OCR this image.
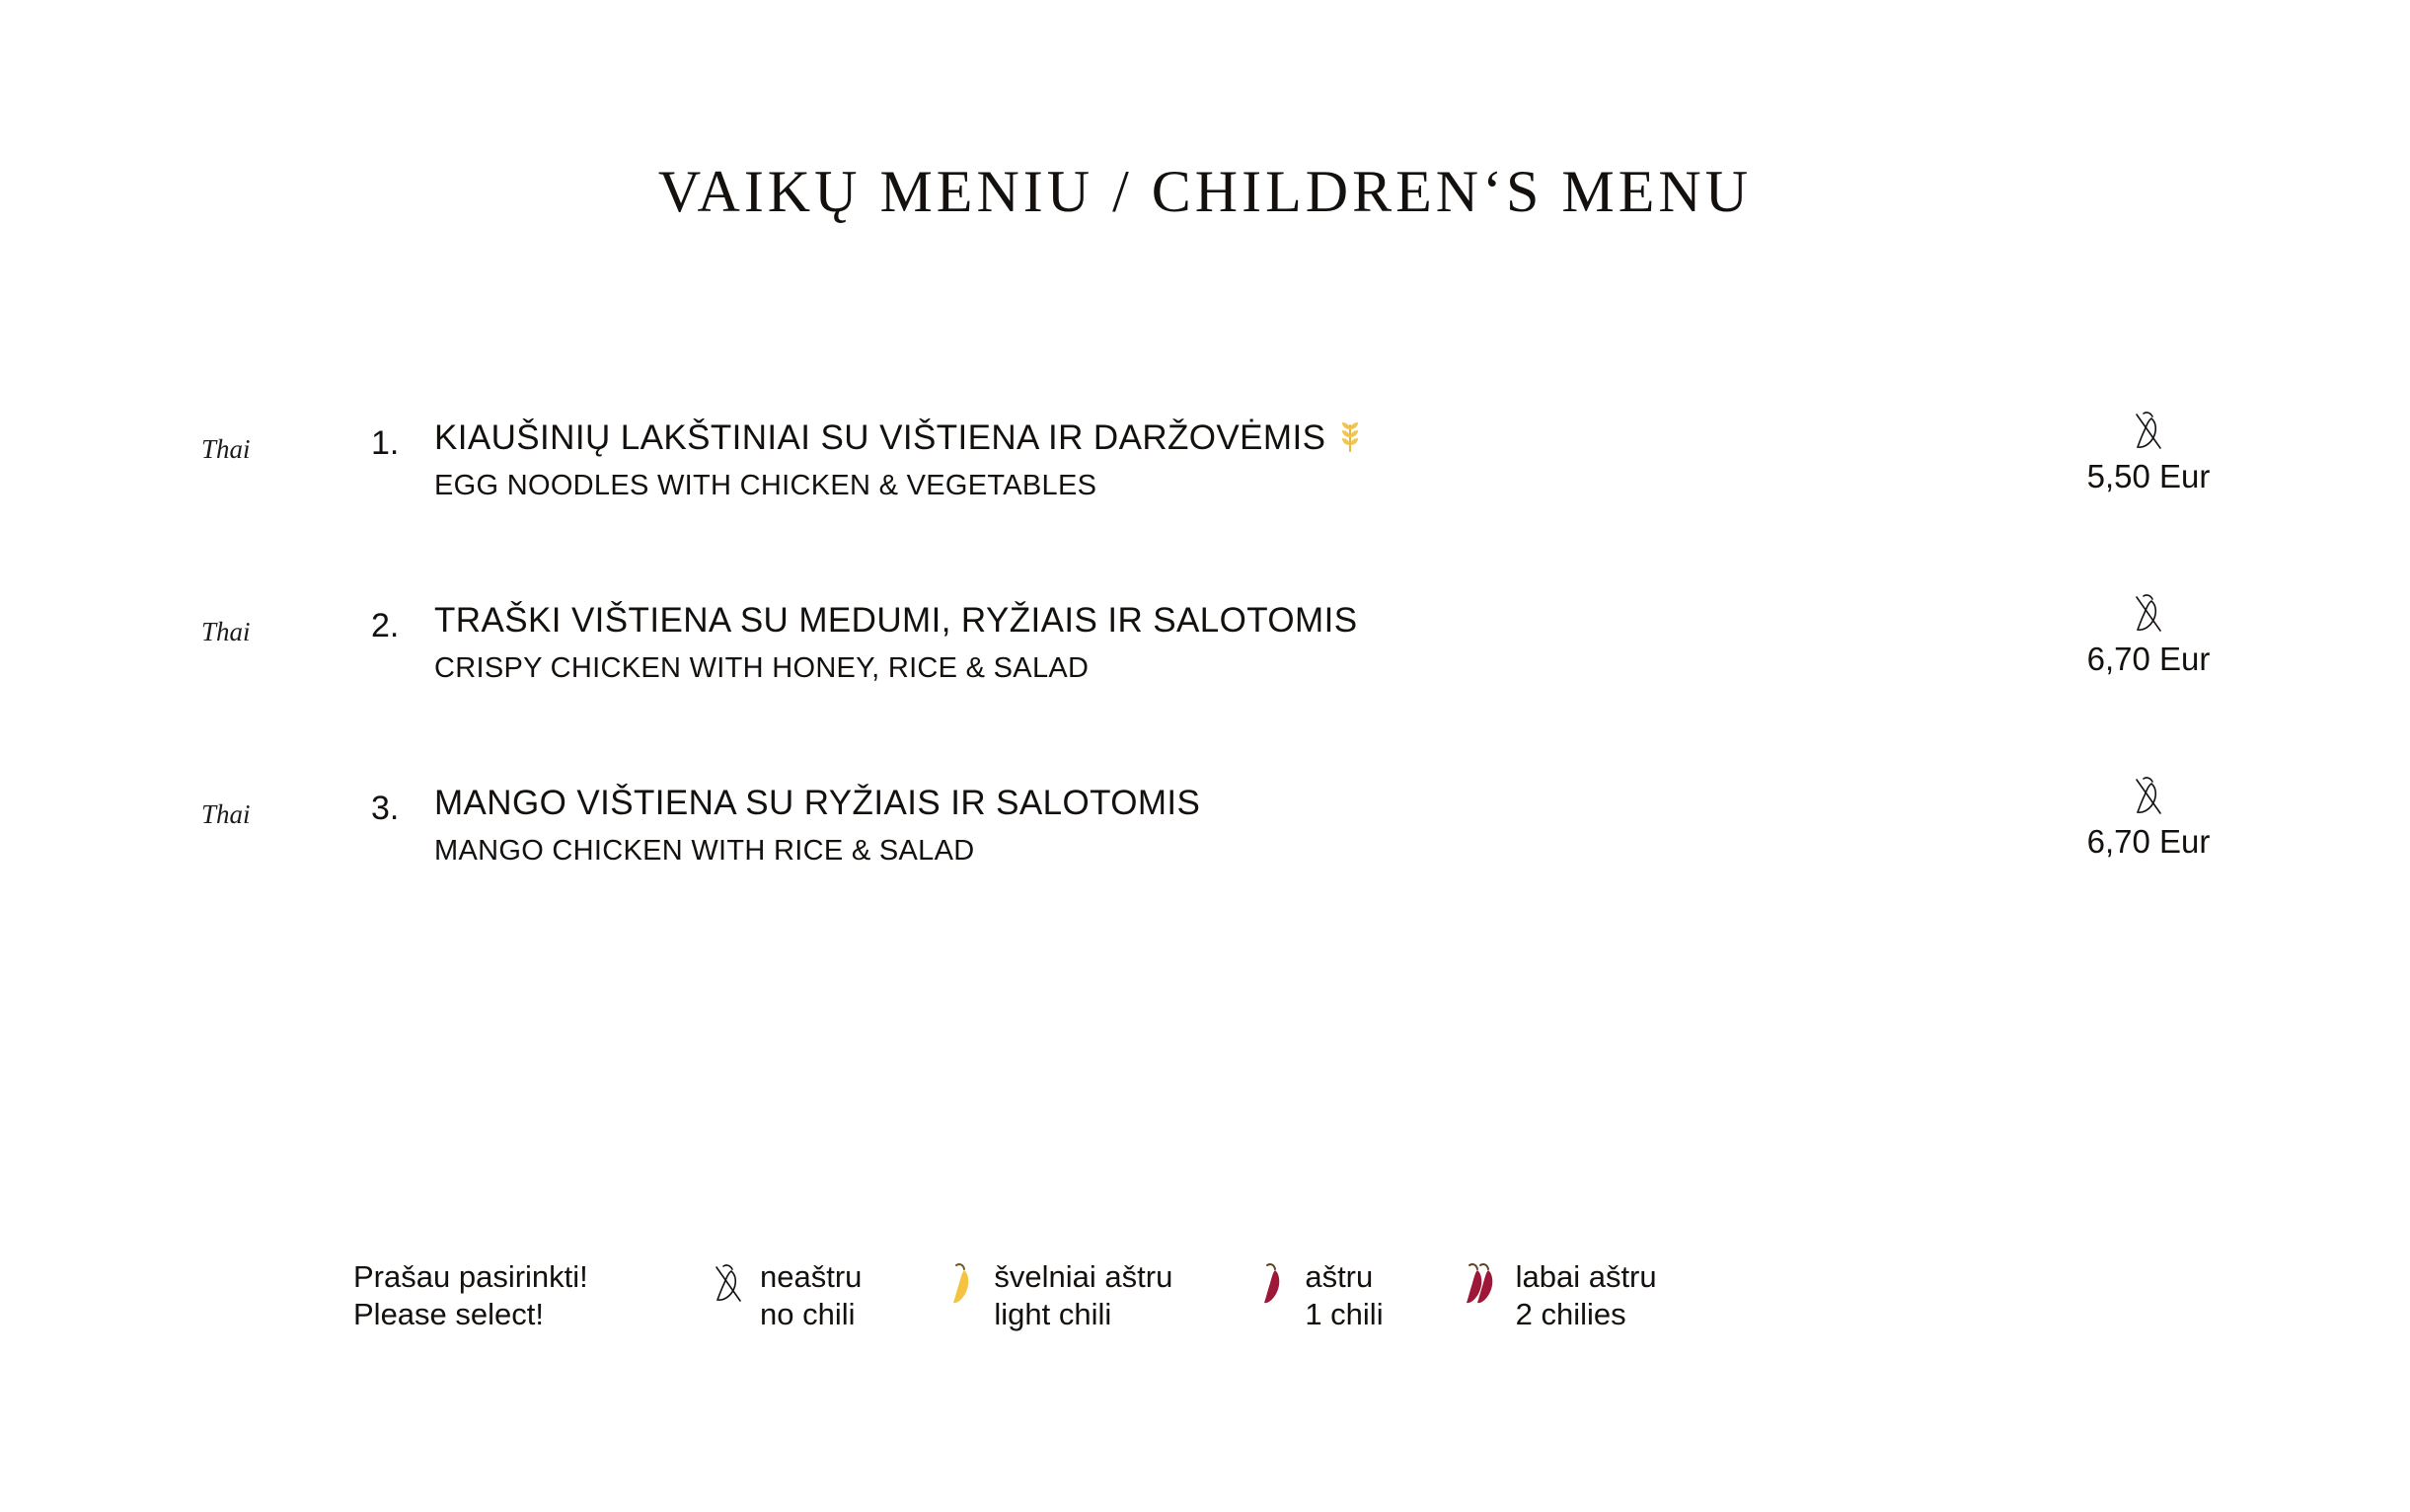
VAIKŲ MENIU / CHILDREN‘S MENU
Thai	1. KIAUŠINIŲ LAKŠTINIAI SU VIŠTIENA IR DARŽOVĖMIS
EGG NOODLES WITH CHICKEN & VEGETABLES	5,50 Eur
Thai	2. TRAŠKI VIŠTIENA SU MEDUMI, RYŽIAIS IR SALOTOMIS
CRISPY CHICKEN WITH HONEY, RICE & SALAD	6,70 Eur
Thai	3. MANGO VIŠTIENA SU RYŽIAIS IR SALOTOMIS
MANGO CHICKEN WITH RICE & SALAD	6,70 Eur
Prašau pasirinkti!
Please select!
neaštru
no chili
švelniai aštru
light chili
aštru
1 chili
labai aštru
2 chilies
